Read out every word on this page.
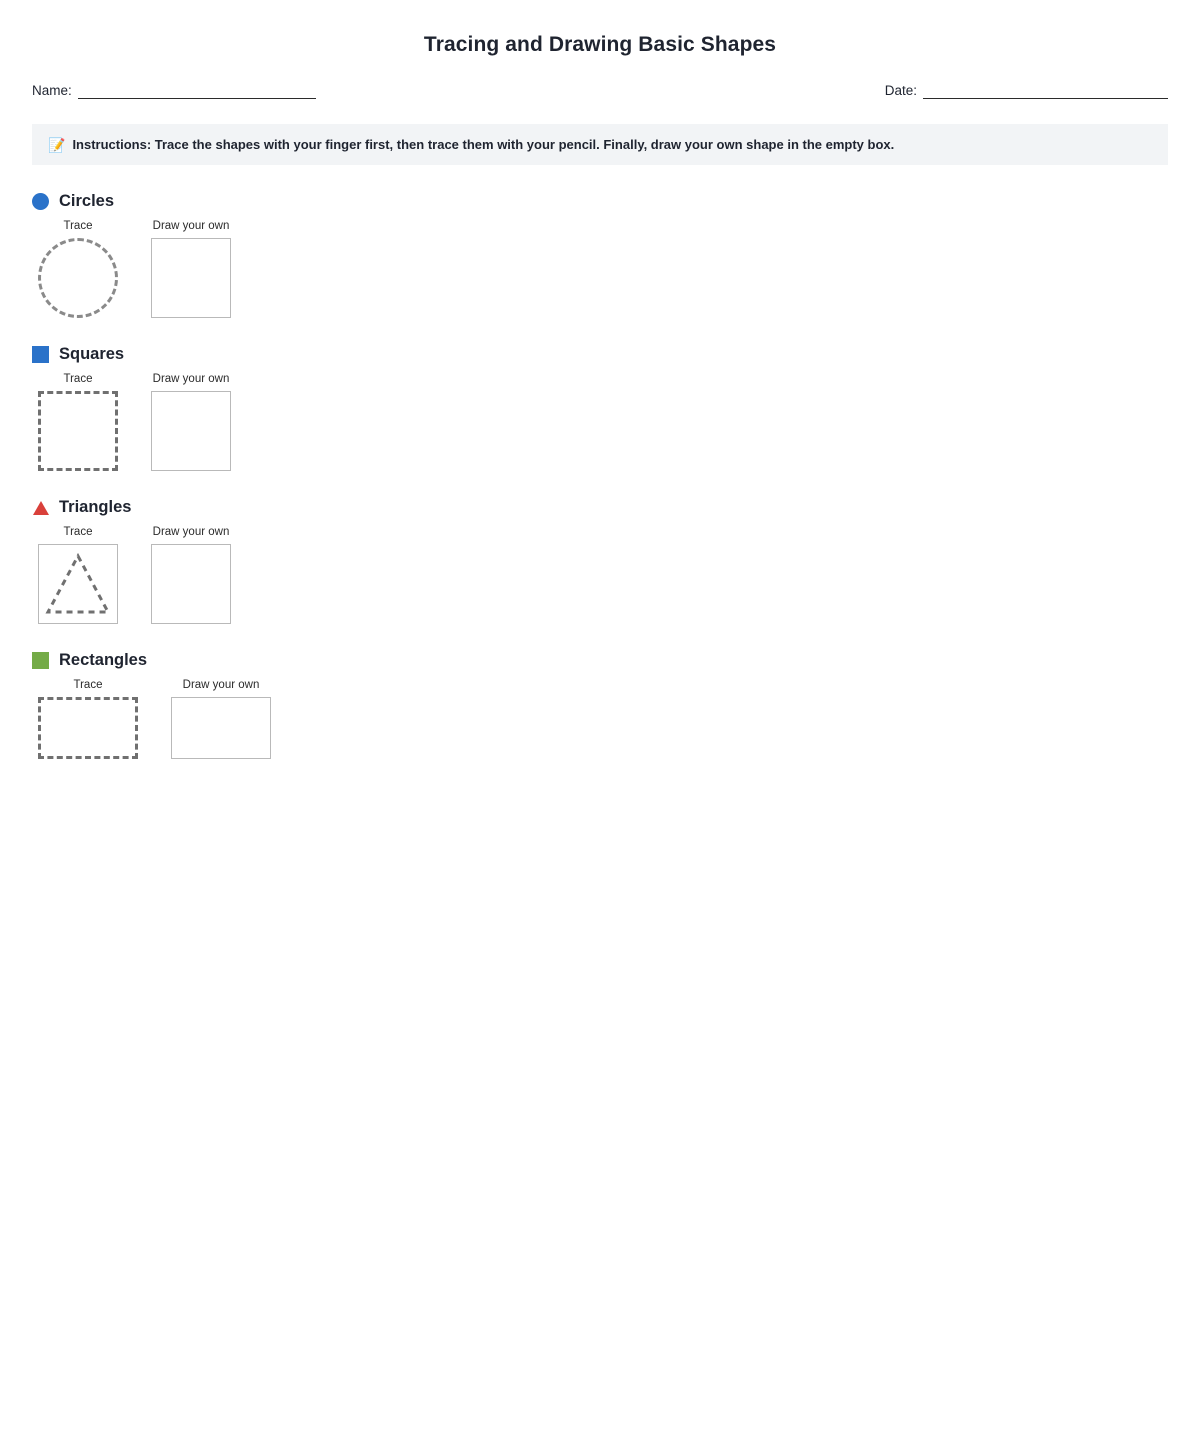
Tracing and Drawing Basic Shapes
Name:	Date:
📝 Instructions: Trace the shapes with your finger first, then trace them with your pencil. Finally, draw your own shape in the empty box.
Circles
Trace	Draw your own
Squares
Trace	Draw your own
Triangles
Trace	Draw your own
Rectangles
Trace	Draw your own
